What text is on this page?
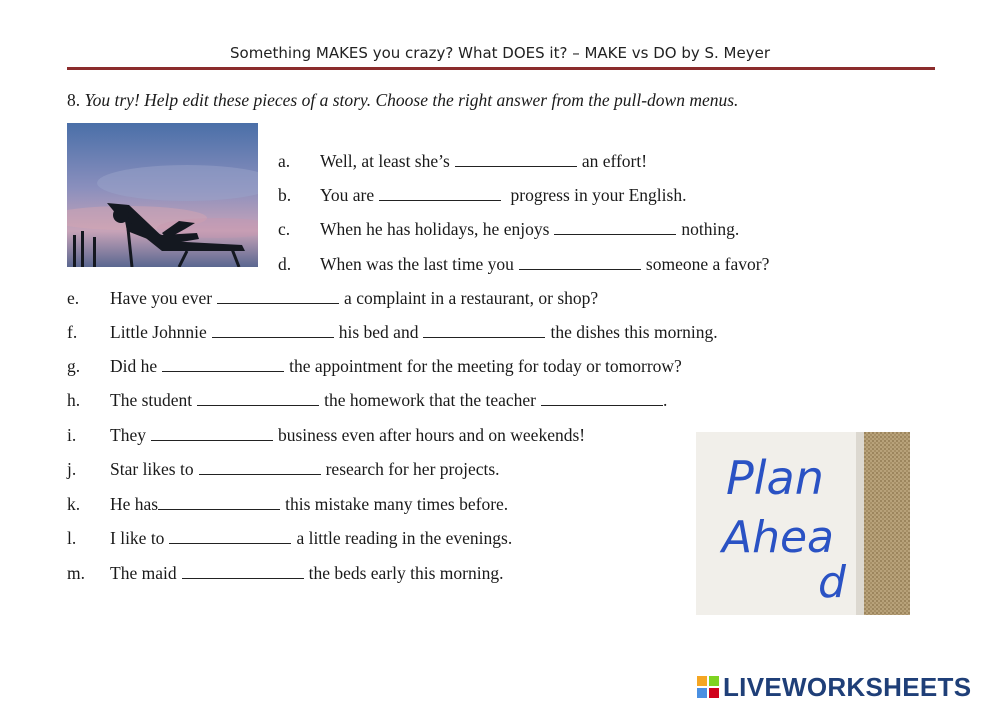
Something MAKES you crazy? What DOES it? – MAKE vs DO by S. Meyer
8. You try! Help edit these pieces of a story. Choose the right answer from the pull-down menus.
a. Well, at least she’s	an effort!
b. You are	progress in your English.
c. When he has holidays, he enjoys	nothing.
d. When was the last time you	someone a favor?
e. Have you ever	a complaint in a restaurant, or shop?
f. Little Johnnie	his bed and	the dishes this morning.
g. Did he	the appointment for the meeting for today or tomorrow?
h. The student	the homework that the teacher	.
i. They	business even after hours and on weekends!
j. Star likes to	research for her projects.
k. He has	this mistake many times before.
l. I like to	a little reading in the evenings.
m. The maid	the beds early this morning.
Plan
Ahea
d
LIVEWORKSHEETS
